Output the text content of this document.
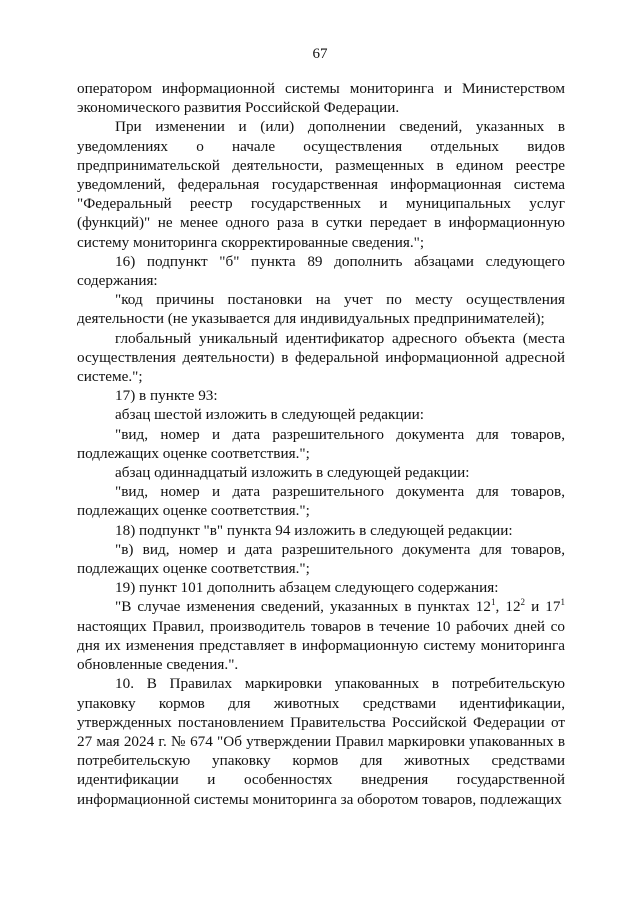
67

оператором информационной системы мониторинга и Министерством экономического развития Российской Федерации.

При изменении и (или) дополнении сведений, указанных в уведомлениях о начале осуществления отдельных видов предпринимательской деятельности, размещенных в едином реестре уведомлений, федеральная государственная информационная система "Федеральный реестр государственных и муниципальных услуг (функций)" не менее одного раза в сутки передает в информационную систему мониторинга скорректированные сведения.";

16) подпункт "б" пункта 89 дополнить абзацами следующего содержания:

"код причины постановки на учет по месту осуществления деятельности (не указывается для индивидуальных предпринимателей);

глобальный уникальный идентификатор адресного объекта (места осуществления деятельности) в федеральной информационной адресной системе.";

17) в пункте 93:

абзац шестой изложить в следующей редакции:

"вид, номер и дата разрешительного документа для товаров, подлежащих оценке соответствия.";

абзац одиннадцатый изложить в следующей редакции:

"вид, номер и дата разрешительного документа для товаров, подлежащих оценке соответствия.";

18) подпункт "в" пункта 94 изложить в следующей редакции:

"в) вид, номер и дата разрешительного документа для товаров, подлежащих оценке соответствия.";

19) пункт 101 дополнить абзацем следующего содержания:

"В случае изменения сведений, указанных в пунктах $12^1$, $12^2$ и $17^1$ настоящих Правил, производитель товаров в течение 10 рабочих дней со дня их изменения представляет в информационную систему мониторинга обновленные сведения.".

10. В Правилах маркировки упакованных в потребительскую упаковку кормов для животных средствами идентификации, утвержденных постановлением Правительства Российской Федерации от 27 мая 2024 г. № 674 "Об утверждении Правил маркировки упакованных в потребительскую упаковку кормов для животных средствами идентификации и особенностях внедрения государственной информационной системы мониторинга за оборотом товаров, подлежащих
